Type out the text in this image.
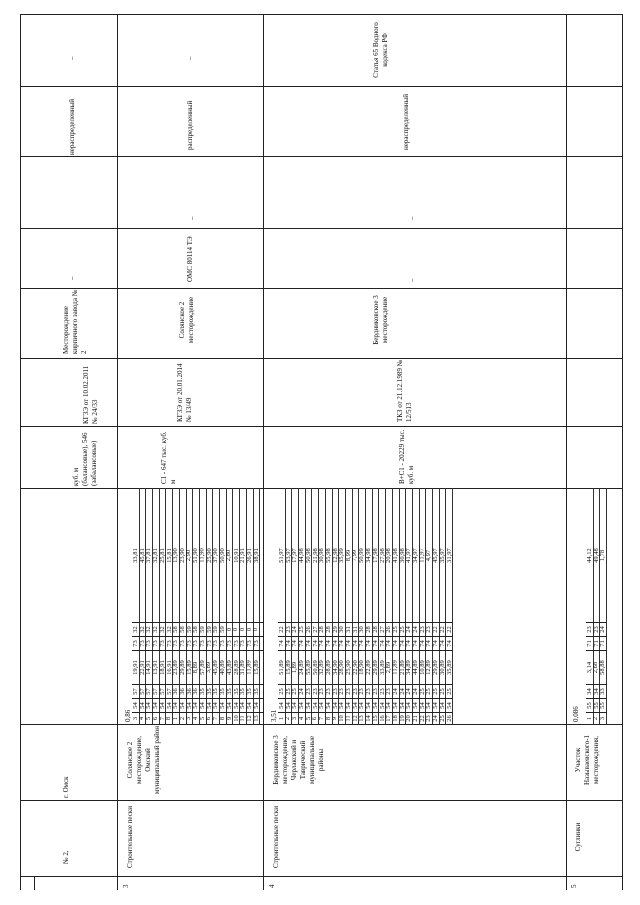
–
нераспределенный
–
Месторождение кирпичного завода № 2
КГЗЭ от 10.02.2011 № 24/33
куб. м (балансовые), 546 (забалансовые)
№ 2,
г. Омск
3
Строительные пески
Солянское 2 месторождение, Омский муниципальный район
0,86
С1 - 647 тыс. куб. м
КГЗЭ от 20.01.2014 № 13/49
Солянское 2 месторождение
ОМС 80114 ТЭ
–
распределенный
–
4
Строительные пески
Бердниковское 3 месторождение, Черлакский и Таврический муниципальные районы
3,51
В+С1 - 20229 тыс. куб. м
ТКЗ от 21.12.1989 № 12/513
Бердниковское 3 месторождение
–
–
нераспределенный
Статья 65 Водного кодекса РФ
5
Суглинки
Участок Назывaевского-1 месторождения,
0,086
3
54
57
19,91
73
32
33,81
4
54
57
22,91
73
32
45,81
5
54
57
14,91
73
32
37,81
6
54
57
13,91
73
32
32,81
7
54
57
18,91
73
32
25,81
8
54
57
16,91
73
32
15,81
1
54
36
23,89
73
58
13,90
2
54
36
29,89
73
58
23,90
3
54
36
15,89
73
59
2,90
4
54
36
8,89
73
58
51,90
5
54
35
57,89
73
59
11,90
6
54
35
3,89
73
59
25,90
7
54
35
45,89
73
59
37,90
8
54
35
40,89
73
59
50,90
9
54
35
43,89
73
0
2,80
10
54
35
28,89
73
0
10,91
11
54
35
31,89
73
0
21,91
12
54
35
11,89
73
0
26,91
13
54
35
15,89
73
0
38,91
1
54
25
51,89
74
22
51,97
2
54
25
15,89
74
23
53,97
3
54
25
1,89
74
24
17,97
4
54
24
24,89
74
25
44,98
5
54
23
55,89
74
26
50,98
6
54
23
50,89
74
27
21,98
7
54
23
32,89
74
28
30,98
8
54
23
28,89
74
28
55,98
9
54
23
34,90
74
29
12,98
10
54
23
28,90
74
30
35,99
11
54
23
25,90
74
31
8,99
12
54
23
22,90
74
31
7,99
13
54
23
18,90
74
30
50,99
14
54
23
22,89
74
28
34,98
15
54
23
29,89
74
28
17,98
16
54
23
33,89
74
27
27,98
17
54
23
2,89
74
26
20,98
18
54
24
11,89
74
25
41,98
19
54
24
21,89
74
25
30,98
20
54
24
34,89
74
24
41,97
21
54
24
44,89
74
24
34,97
22
54
25
10,89
74
23
11,97
23
54
25
12,89
74
23
4,97
24
54
25
29,89
74
22
45,97
25
54
25
30,89
74
22
35,97
26
54
25
35,89
74
22
31,97
1
55
34
3,14
71
23
44,12
2
55
34
2,68
71
23
49,48
3
55
33
58,88
71
24
1,78
